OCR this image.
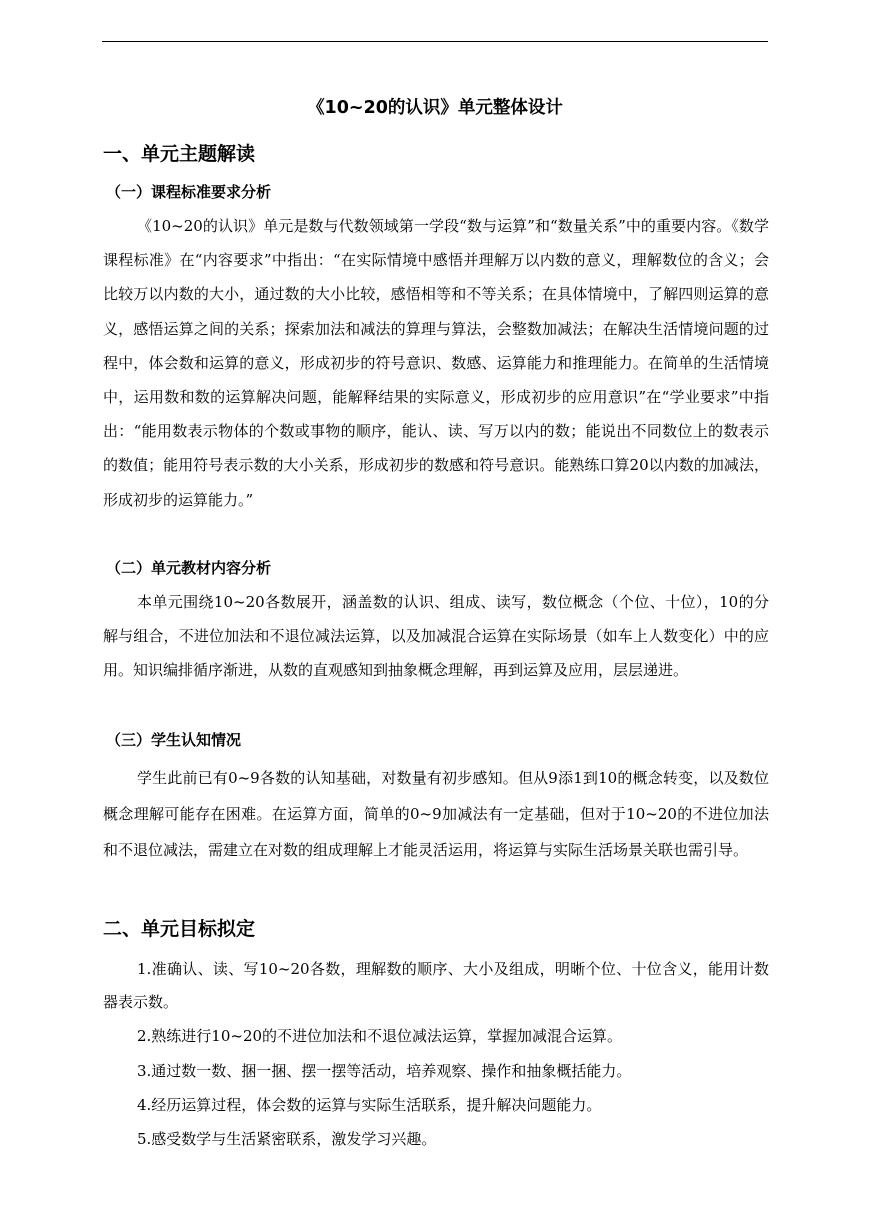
《10~20的认识》单元整体设计
一、单元主题解读
（一）课程标准要求分析

《10~20的认识》单元是数与代数领域第一学段“数与运算”和“数量关系”中的重要内容。《数学课程标准》在“内容要求”中指出：“在实际情境中感悟并理解万以内数的意义，理解数位的含义；会比较万以内数的大小，通过数的大小比较，感悟相等和不等关系；在具体情境中，了解四则运算的意义，感悟运算之间的关系；探索加法和减法的算理与算法，会整数加减法；在解决生活情境问题的过程中，体会数和运算的意义，形成初步的符号意识、数感、运算能力和推理能力。在简单的生活情境中，运用数和数的运算解决问题，能解释结果的实际意义，形成初步的应用意识”在“学业要求”中指出：“能用数表示物体的个数或事物的顺序，能认、读、写万以内的数；能说出不同数位上的数表示的数值；能用符号表示数的大小关系，形成初步的数感和符号意识。能熟练口算20以内数的加减法，形成初步的运算能力。”

（二）单元教材内容分析

本单元围绕10~20各数展开，涵盖数的认识、组成、读写，数位概念（个位、十位），10的分解与组合，不进位加法和不退位减法运算，以及加减混合运算在实际场景（如车上人数变化）中的应用。知识编排循序渐进，从数的直观感知到抽象概念理解，再到运算及应用，层层递进。

（三）学生认知情况

学生此前已有0~9各数的认知基础，对数量有初步感知。但从9添1到10的概念转变，以及数位概念理解可能存在困难。在运算方面，简单的0~9加减法有一定基础，但对于10~20的不进位加法和不退位减法，需建立在对数的组成理解上才能灵活运用，将运算与实际生活场景关联也需引导。

二、单元目标拟定

1.准确认、读、写10~20各数，理解数的顺序、大小及组成，明晰个位、十位含义，能用计数器表示数。

2.熟练进行10~20的不进位加法和不退位减法运算，掌握加减混合运算。

3.通过数一数、捆一捆、摆一摆等活动，培养观察、操作和抽象概括能力。

4.经历运算过程，体会数的运算与实际生活联系，提升解决问题能力。

5.感受数学与生活紧密联系，激发学习兴趣。
